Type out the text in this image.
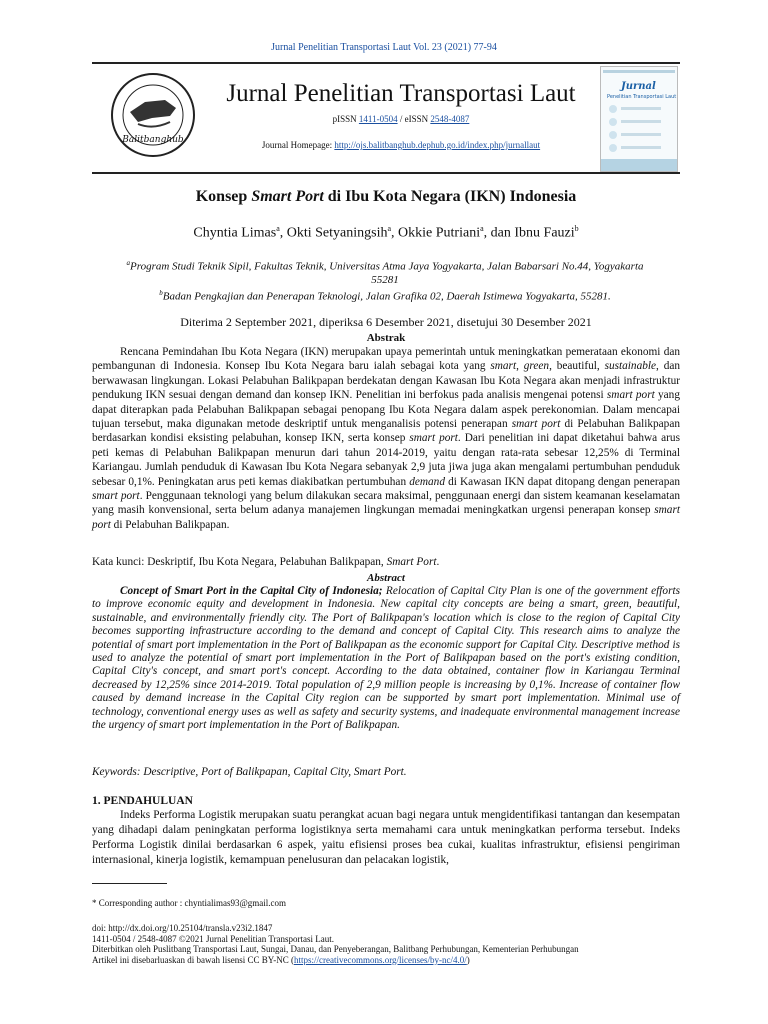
Jurnal Penelitian Transportasi Laut Vol. 23 (2021) 77-94
Balitbanghub
Jurnal Penelitian Transportasi Laut
pISSN 1411-0504 / eISSN 2548-4087
Journal Homepage: http://ojs.balitbanghub.dephub.go.id/index.php/jurnallaut
Jurnal
Penelitian Transportasi Laut
Konsep Smart Port di Ibu Kota Negara (IKN) Indonesia
Chyntia Limas$^a$, Okti Setyaningsih$^a$, Okkie Putriani$^a$, dan Ibnu Fauzi$^b$
$^a$Program Studi Teknik Sipil, Fakultas Teknik, Universitas Atma Jaya Yogyakarta, Jalan Babarsari No.44, Yogyakarta 55281
$^b$Badan Pengkajian dan Penerapan Teknologi, Jalan Grafika 02, Daerah Istimewa Yogyakarta, 55281.
Diterima 2 September 2021, diperiksa 6 Desember 2021, disetujui 30 Desember 2021
Abstrak

Rencana Pemindahan Ibu Kota Negara (IKN) merupakan upaya pemerintah untuk meningkatkan pemerataan ekonomi dan pembangunan di Indonesia. Konsep Ibu Kota Negara baru ialah sebagai kota yang smart, green, beautiful, sustainable, dan berwawasan lingkungan. Lokasi Pelabuhan Balikpapan berdekatan dengan Kawasan Ibu Kota Negara akan menjadi infrastruktur pendukung IKN sesuai dengan demand dan konsep IKN. Penelitian ini berfokus pada analisis mengenai potensi smart port yang dapat diterapkan pada Pelabuhan Balikpapan sebagai penopang Ibu Kota Negara dalam aspek perekonomian. Dalam mencapai tujuan tersebut, maka digunakan metode deskriptif untuk menganalisis potensi penerapan smart port di Pelabuhan Balikpapan berdasarkan kondisi eksisting pelabuhan, konsep IKN, serta konsep smart port. Dari penelitian ini dapat diketahui bahwa arus peti kemas di Pelabuhan Balikpapan menurun dari tahun 2014-2019, yaitu dengan rata-rata sebesar 12,25% di Terminal Kariangau. Jumlah penduduk di Kawasan Ibu Kota Negara sebanyak 2,9 juta jiwa juga akan mengalami pertumbuhan penduduk sebesar 0,1%. Peningkatan arus peti kemas diakibatkan pertumbuhan demand di Kawasan IKN dapat ditopang dengan penerapan smart port. Penggunaan teknologi yang belum dilakukan secara maksimal, penggunaan energi dan sistem keamanan keselamatan yang masih konvensional, serta belum adanya manajemen lingkungan memadai meningkatkan urgensi penerapan konsep smart port di Pelabuhan Balikpapan.

Kata kunci: Deskriptif, Ibu Kota Negara, Pelabuhan Balikpapan, Smart Port.
Abstract

Concept of Smart Port in the Capital City of Indonesia; Relocation of Capital City Plan is one of the government efforts to improve economic equity and development in Indonesia. New capital city concepts are being a smart, green, beautiful, sustainable, and environmentally friendly city. The Port of Balikpapan's location which is close to the region of Capital City becomes supporting infrastructure according to the demand and concept of Capital City. This research aims to analyze the potential of smart port implementation in the Port of Balikpapan as the economic support for Capital City. Descriptive method is used to analyze the potential of smart port implementation in the Port of Balikpapan based on the port's existing condition, Capital City's concept, and smart port's concept. According to the data obtained, container flow in Kariangau Terminal decreased by 12,25% since 2014-2019. Total population of 2,9 million people is increasing by 0,1%. Increase of container flow caused by demand increase in the Capital City region can be supported by smart port implementation. Minimal use of technology, conventional energy uses as well as safety and security systems, and inadequate environmental management increase the urgency of smart port implementation in the Port of Balikpapan.

Keywords: Descriptive, Port of Balikpapan, Capital City, Smart Port.
1. PENDAHULUAN

Indeks Performa Logistik merupakan suatu perangkat acuan bagi negara untuk mengidentifikasi tantangan dan kesempatan yang dihadapi dalam peningkatan performa logistiknya serta memahami cara untuk meningkatkan performa tersebut. Indeks Performa Logistik dinilai berdasarkan 6 aspek, yaitu efisiensi proses bea cukai, kualitas infrastruktur, efisiensi pengiriman internasional, kinerja logistik, kemampuan penelusuran dan pelacakan logistik,

* Corresponding author : chyntialimas93@gmail.com
doi: http://dx.doi.org/10.25104/transla.v23i2.1847
1411-0504 / 2548-4087 ©2021 Jurnal Penelitian Transportasi Laut.
Diterbitkan oleh Puslitbang Transportasi Laut, Sungai, Danau, dan Penyeberangan, Balitbang Perhubungan, Kementerian Perhubungan
Artikel ini disebarluaskan di bawah lisensi CC BY-NC (https://creativecommons.org/licenses/by-nc/4.0/)
